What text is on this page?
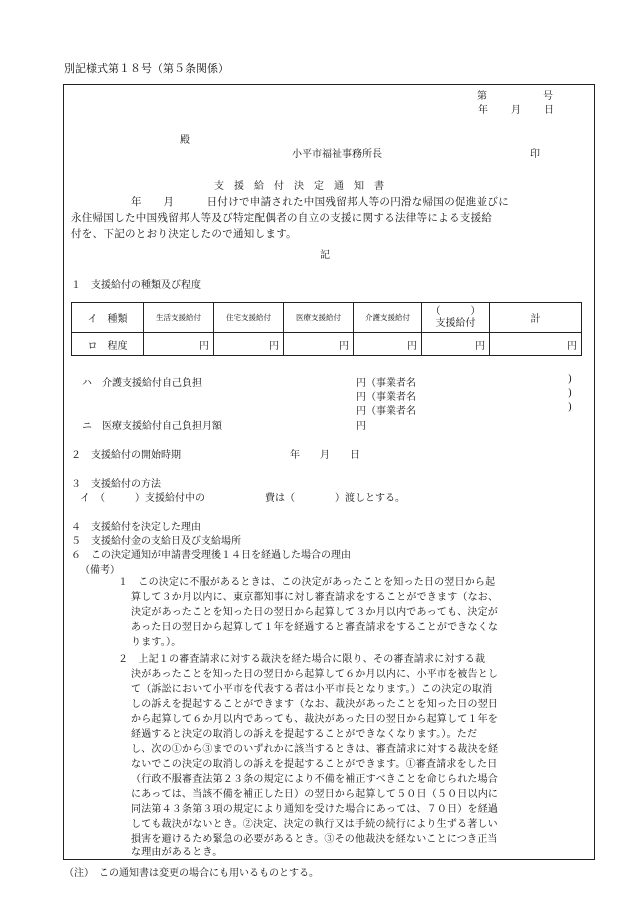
別記様式第１８号（第５条関係）
第　　　　　号
年　　月　　日
殿
小平市福祉事務所長	印
支　援　給　付　決　定　通　知　書
年　　月　　　日付けで申請された中国残留邦人等の円滑な帰国の促進並びに
永住帰国した中国残留邦人等及び特定配偶者の自立の支援に関する法律等による支援給
付を、下記のとおり決定したので通知します。
記
１　支援給付の種類及び程度
イ　種類	生活支援給付	住宅支援給付	医療支援給付	介護支援給付	（　　　）
支援給付	計
ロ　程度	円	円	円	円	円	円
ハ　介護支援給付自己負担	円（事業者名	)
円（事業者名	)
円（事業者名	)
ニ　医療支援給付自己負担月額	円
２　支援給付の開始時期	年　　月　　日
３　支援給付の方法
イ　（　　　）支援給付中の　　　　　　費は（　　　　）渡しとする。
４　支援給付を決定した理由
５　支援給付金の支給日及び支給場所
６　この決定通知が申請書受理後１４日を経過した場合の理由
（備考）
１　この決定に不服があるときは、この決定があったことを知った日の翌日から起
算して３か月以内に、東京都知事に対し審査請求をすることができます（なお、
決定があったことを知った日の翌日から起算して３か月以内であっても、決定が
あった日の翌日から起算して１年を経過すると審査請求をすることができなくな
ります。）。
２　上記１の審査請求に対する裁決を経た場合に限り、その審査請求に対する裁
決があったことを知った日の翌日から起算して６か月以内に、小平市を被告とし
て（訴訟において小平市を代表する者は小平市長となります。）この決定の取消
しの訴えを提起することができます（なお、裁決があったことを知った日の翌日
から起算して６か月以内であっても、裁決があった日の翌日から起算して１年を
経過すると決定の取消しの訴えを提起することができなくなります。）。ただ
し、次の①から③までのいずれかに該当するときは、審査請求に対する裁決を経
ないでこの決定の取消しの訴えを提起することができます。①審査請求をした日
（行政不服審査法第２３条の規定により不備を補正すべきことを命じられた場合
にあっては、当該不備を補正した日）の翌日から起算して５０日（５０日以内に
同法第４３条第３項の規定により通知を受けた場合にあっては、７０日）を経過
しても裁決がないとき。②決定、決定の執行又は手続の続行により生ずる著しい
損害を避けるため緊急の必要があるとき。③その他裁決を経ないことにつき正当
な理由があるとき。
（注）　この通知書は変更の場合にも用いるものとする。
